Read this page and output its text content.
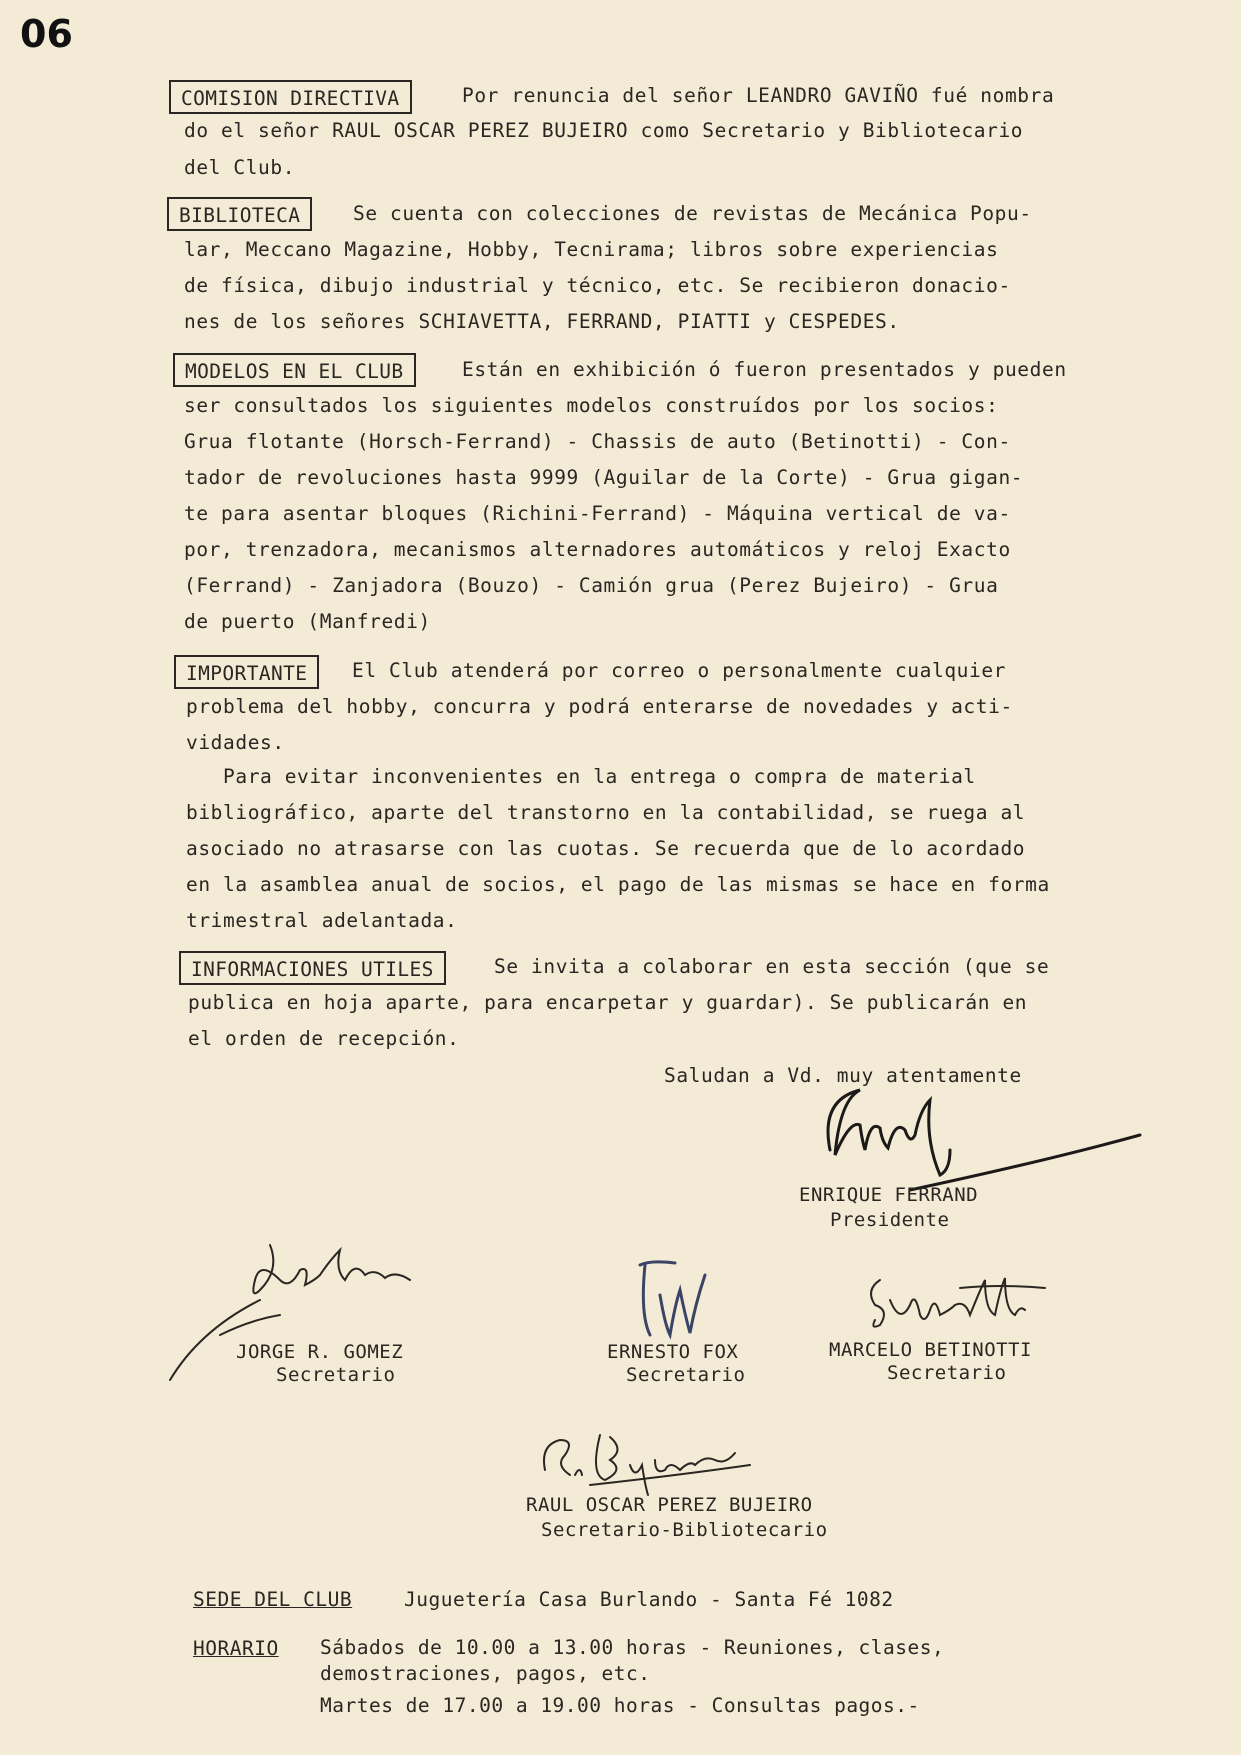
06
COMISION DIRECTIVA	Por renuncia del señor LEANDRO GAVIÑO fué nombra
do el señor RAUL OSCAR PEREZ BUJEIRO como Secretario y Bibliotecario
del Club.
BIBLIOTECA	Se cuenta con colecciones de revistas de Mecánica Popu-
lar, Meccano Magazine, Hobby, Tecnirama; libros sobre experiencias
de física, dibujo industrial y técnico, etc. Se recibieron donacio-
nes de los señores SCHIAVETTA, FERRAND, PIATTI y CESPEDES.
MODELOS EN EL CLUB	Están en exhibición ó fueron presentados y pueden
ser consultados los siguientes modelos construídos por los socios:
Grua flotante (Horsch-Ferrand) - Chassis de auto (Betinotti) - Con-
tador de revoluciones hasta 9999 (Aguilar de la Corte) - Grua gigan-
te para asentar bloques (Richini-Ferrand) - Máquina vertical de va-
por, trenzadora, mecanismos alternadores automáticos y reloj Exacto
(Ferrand) - Zanjadora (Bouzo) - Camión grua (Perez Bujeiro) - Grua
de puerto (Manfredi)
IMPORTANTE	El Club atenderá por correo o personalmente cualquier
problema del hobby, concurra y podrá enterarse de novedades y acti-
vidades.
Para evitar inconvenientes en la entrega o compra de material
bibliográfico, aparte del transtorno en la contabilidad, se ruega al
asociado no atrasarse con las cuotas. Se recuerda que de lo acordado
en la asamblea anual de socios, el pago de las mismas se hace en forma
trimestral adelantada.
INFORMACIONES UTILES	Se invita a colaborar en esta sección (que se
publica en hoja aparte, para encarpetar y guardar). Se publicarán en
el orden de recepción.
Saludan a Vd. muy atentamente
Ferrand
ENRIQUE FERRAND
Presidente
Jorge Gómez
JORGE R. GOMEZ
Secretario
Fox
ERNESTO FOX
Secretario
Bettinotti
MARCELO BETINOTTI
Secretario
R. Bujeiro
RAUL OSCAR PEREZ BUJEIRO
Secretario-Bibliotecario
SEDE DEL CLUB	Juguetería Casa Burlando - Santa Fé 1082
HORARIO Sábados de 10.00 a 13.00 horas - Reuniones, clases,
demostraciones, pagos, etc.
Martes de 17.00 a 19.00 horas - Consultas pagos.-
